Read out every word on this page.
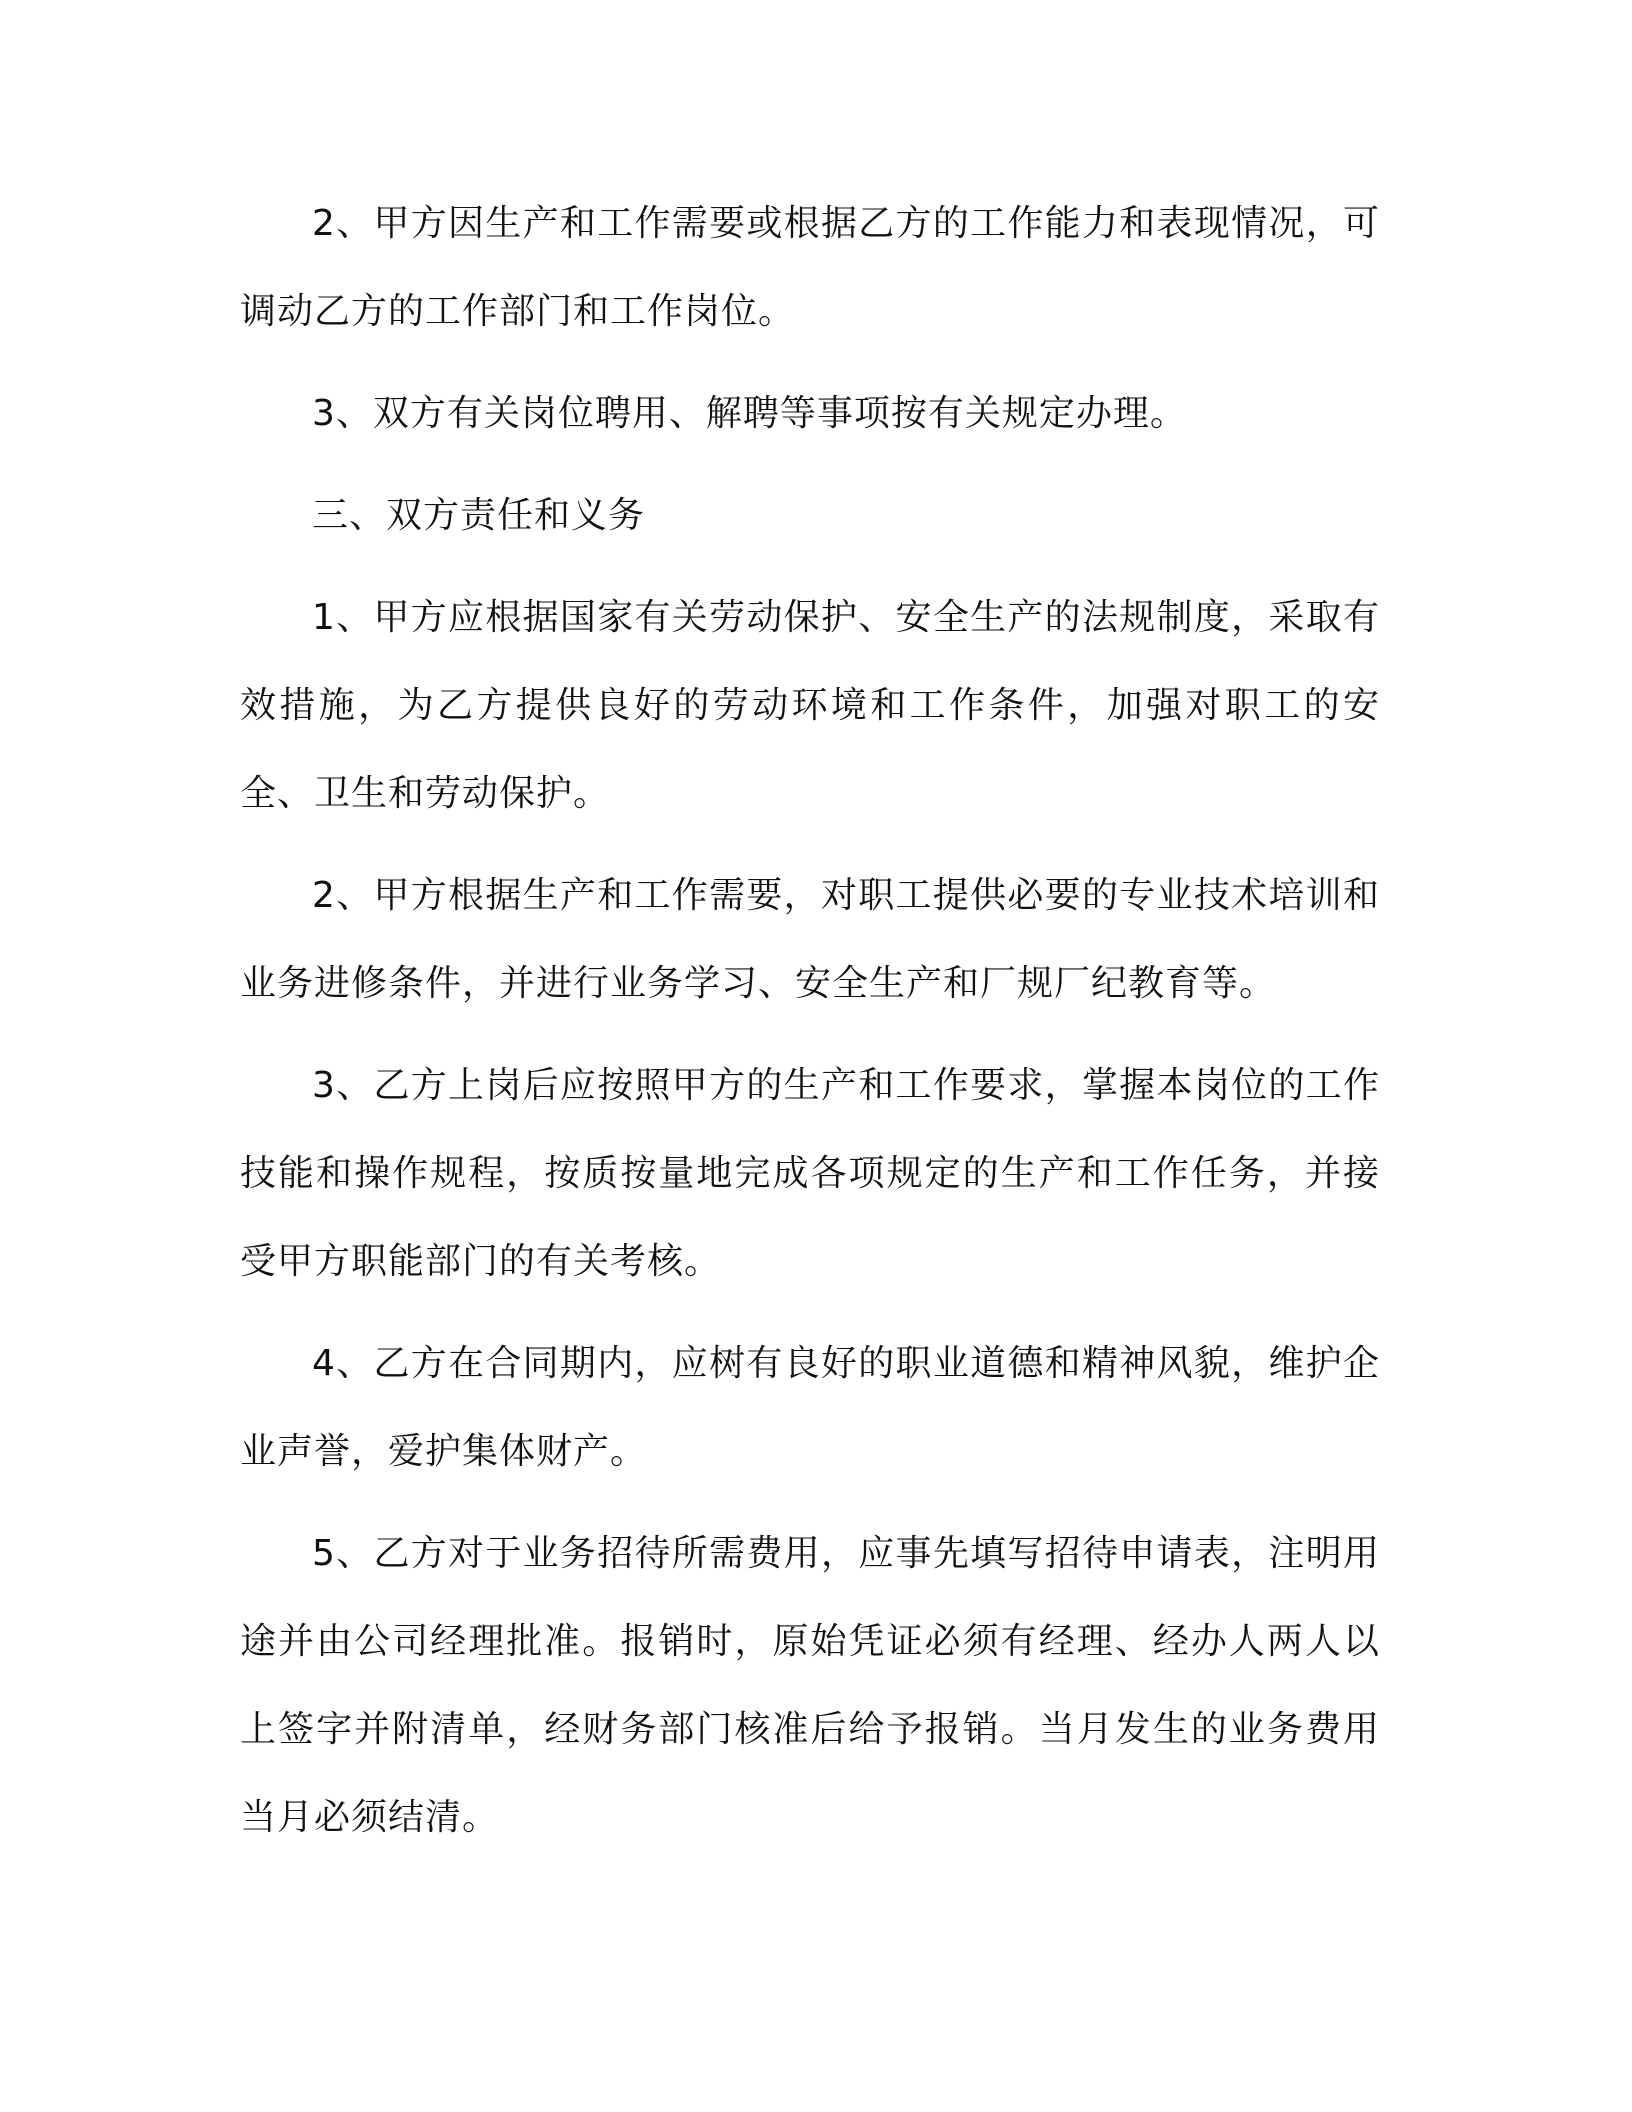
2、甲方因生产和工作需要或根据乙方的工作能力和表现情况，可调动乙方的工作部门和工作岗位。

3、双方有关岗位聘用、解聘等事项按有关规定办理。

三、双方责任和义务

1、甲方应根据国家有关劳动保护、安全生产的法规制度，采取有效措施，为乙方提供良好的劳动环境和工作条件，加强对职工的安全、卫生和劳动保护。

2、甲方根据生产和工作需要，对职工提供必要的专业技术培训和业务进修条件，并进行业务学习、安全生产和厂规厂纪教育等。

3、乙方上岗后应按照甲方的生产和工作要求，掌握本岗位的工作技能和操作规程，按质按量地完成各项规定的生产和工作任务，并接受甲方职能部门的有关考核。

4、乙方在合同期内，应树有良好的职业道德和精神风貌，维护企业声誉，爱护集体财产。

5、乙方对于业务招待所需费用，应事先填写招待申请表，注明用途并由公司经理批准。报销时，原始凭证必须有经理、经办人两人以上签字并附清单，经财务部门核准后给予报销。当月发生的业务费用当月必须结清。
